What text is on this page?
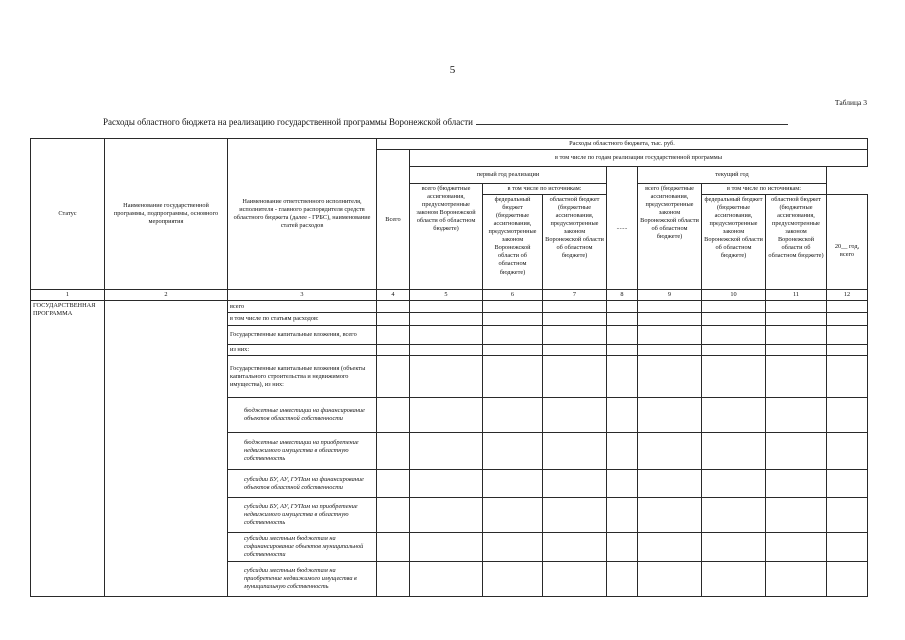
5
Таблица 3
Расходы областного бюджета на реализацию государственной программы Воронежской области
Статус	Наименование государственной программы, подпрограммы, основного мероприятия	Наименование ответственного исполнителя, исполнителя - главного распорядителя средств областного бюджета (далее - ГРБС), наименование статей расходов	Расходы областного бюджета, тыс. руб.								
			Всего	в том числе по годам реализации государственной программы							
				первый год реализации			.......	текущий год			
				всего (бюджетные ассигнования, предусмотренные законом Воронежской области об областном бюджете)	в том числе по источникам:			всего (бюджетные ассигнования, предусмотренные законом Воронежской области об областном бюджете)	в том числе по источникам:		
					федеральный бюджет (бюджетные ассигнования, предусмотренные законом Воронежской области об областном бюджете)	областной бюджет (бюджетные ассигнования, предусмотренные законом Воронежской области об областном бюджете)			федеральный бюджет (бюджетные ассигнования, предусмотренные законом Воронежской области об областном бюджете)	областной бюджет (бюджетные ассигнования, предусмотренные законом Воронежской области об областном бюджете)	20__ год, всего

1	2	3	4	5	6	7	8	9	10	11	12
ГОСУДАРСТВЕННАЯ ПРОГРАММА		всего									
		в том числе по статьям расходов:									
		Государственные капитальные вложения, всего									
		из них:									
		Государственные капитальные вложения (объекты капитального строительства и недвижимого имущества), из них:									
		бюджетные инвестиции на финансирование объектов областной собственности									
		бюджетные инвестиции на приобретение недвижимого имущества в областную собственность									
		субсидии БУ, АУ, ГУПам на финансирование объектов областной собственности									
		субсидии БУ, АУ, ГУПам на приобретение недвижимого имущества в областную собственность									
		субсидии местным бюджетам на софинансирование объектов муниципальной собственности									
		субсидии местным бюджетам на приобретение недвижимого имущества в муниципальную собственность									
